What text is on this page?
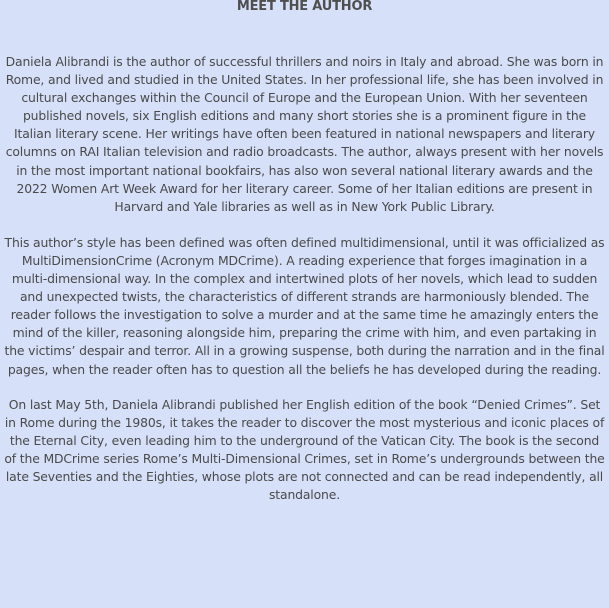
MEET THE AUTHOR

Daniela Alibrandi is the author of successful thrillers and noirs in Italy and abroad. She was born in Rome, and lived and studied in the United States. In her professional life, she has been involved in cultural exchanges within the Council of Europe and the European Union. With her seventeen published novels, six English editions and many short stories she is a prominent figure in the Italian literary scene. Her writings have often been featured in national newspapers and literary columns on RAI Italian television and radio broadcasts. The author, always present with her novels in the most important national bookfairs, has also won several national literary awards and the 2022 Women Art Week Award for her literary career. Some of her Italian editions are present in Harvard and Yale libraries as well as in New York Public Library.

This author’s style has been defined was often defined multidimensional, until it was officialized as MultiDimensionCrime (Acronym MDCrime). A reading experience that forges imagination in a multi-dimensional way. In the complex and intertwined plots of her novels, which lead to sudden and unexpected twists, the characteristics of different strands are harmoniously blended. The reader follows the investigation to solve a murder and at the same time he amazingly enters the mind of the killer, reasoning alongside him, preparing the crime with him, and even partaking in the victims’ despair and terror. All in a growing suspense, both during the narration and in the final pages, when the reader often has to question all the beliefs he has developed during the reading.

On last May 5th, Daniela Alibrandi published her English edition of the book “Denied Crimes”. Set in Rome during the 1980s, it takes the reader to discover the most mysterious and iconic places of the Eternal City, even leading him to the underground of the Vatican City. The book is the second of the MDCrime series Rome’s Multi-Dimensional Crimes, set in Rome’s undergrounds between the late Seventies and the Eighties, whose plots are not connected and can be read independently, all standalone.
